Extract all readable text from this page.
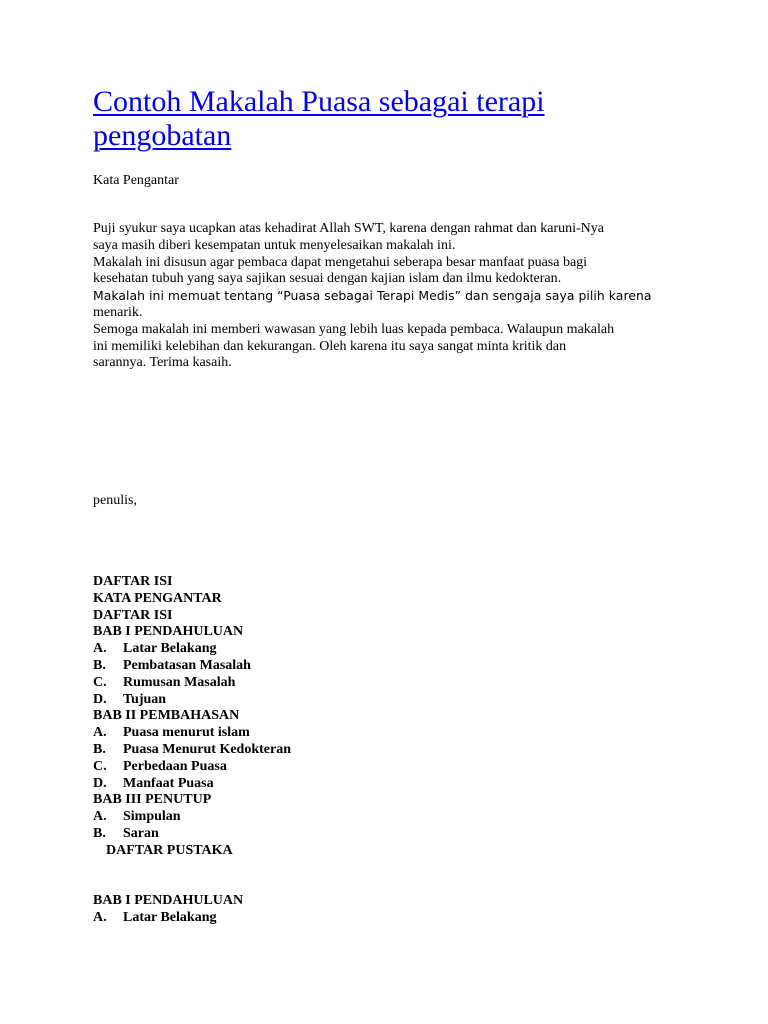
Contoh Makalah Puasa sebagai terapi
pengobatan

Kata Pengantar

Puji syukur saya ucapkan atas kehadirat Allah SWT, karena dengan rahmat dan karuni-Nya
saya masih diberi kesempatan untuk menyelesaikan makalah ini.
Makalah ini disusun agar pembaca dapat mengetahui seberapa besar manfaat puasa bagi
kesehatan tubuh yang saya sajikan sesuai dengan kajian islam dan ilmu kedokteran.
Makalah ini memuat tentang “Puasa sebagai Terapi Medis” dan sengaja saya pilih karena
menarik.
Semoga makalah ini memberi wawasan yang lebih luas kepada pembaca. Walaupun makalah
ini memiliki kelebihan dan kekurangan. Oleh karena itu saya sangat minta kritik dan
sarannya. Terima kasaih.
penulis,
DAFTAR ISI
KATA PENGANTAR
DAFTAR ISI
BAB I PENDAHULUAN
A. Latar Belakang
B. Pembatasan Masalah
C. Rumusan Masalah
D. Tujuan
BAB II PEMBAHASAN
A. Puasa menurut islam
B. Puasa Menurut Kedokteran
C. Perbedaan Puasa
D. Manfaat Puasa
BAB III PENUTUP
A. Simpulan
B. Saran
DAFTAR PUSTAKA
BAB I PENDAHULUAN
A. Latar Belakang
